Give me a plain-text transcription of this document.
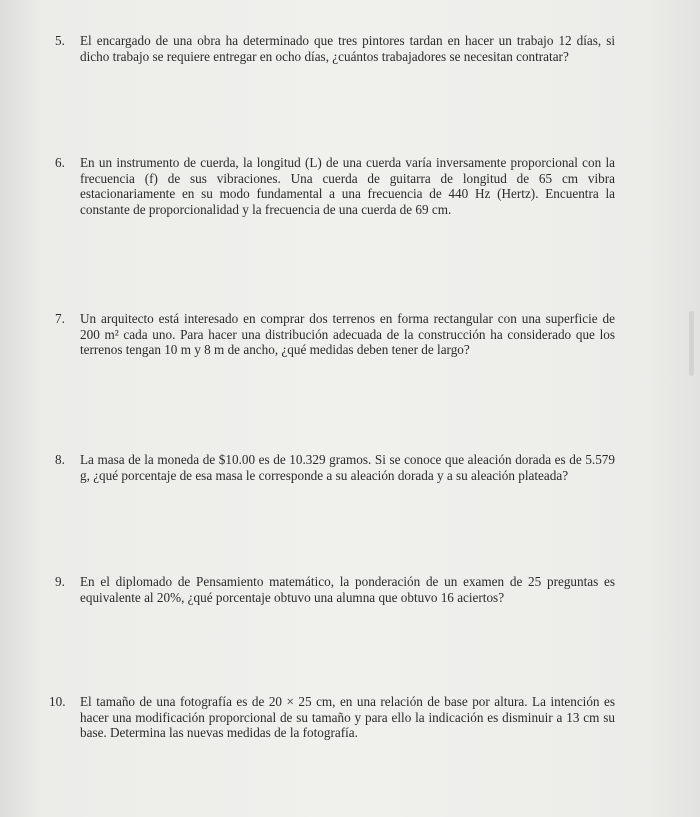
5. El encargado de una obra ha determinado que tres pintores tardan en hacer un trabajo 12 días, si dicho trabajo se requiere entregar en ocho días, ¿cuántos trabajadores se necesitan contratar?
6. En un instrumento de cuerda, la longitud (L) de una cuerda varía inversamente proporcional con la frecuencia (f) de sus vibraciones. Una cuerda de guitarra de longitud de 65 cm vibra estacionariamente en su modo fundamental a una frecuencia de 440 Hz (Hertz). Encuentra la constante de proporcionalidad y la frecuencia de una cuerda de 69 cm.
7. Un arquitecto está interesado en comprar dos terrenos en forma rectangular con una superficie de 200 m² cada uno. Para hacer una distribución adecuada de la construcción ha considerado que los terrenos tengan 10 m y 8 m de ancho, ¿qué medidas deben tener de largo?
8. La masa de la moneda de $10.00 es de 10.329 gramos. Si se conoce que aleación dorada es de 5.579 g, ¿qué porcentaje de esa masa le corresponde a su aleación dorada y a su aleación plateada?
9. En el diplomado de Pensamiento matemático, la ponderación de un examen de 25 preguntas es equivalente al 20%, ¿qué porcentaje obtuvo una alumna que obtuvo 16 aciertos?
10. El tamaño de una fotografía es de 20 × 25 cm, en una relación de base por altura. La intención es hacer una modificación proporcional de su tamaño y para ello la indicación es disminuir a 13 cm su base. Determina las nuevas medidas de la fotografía.
